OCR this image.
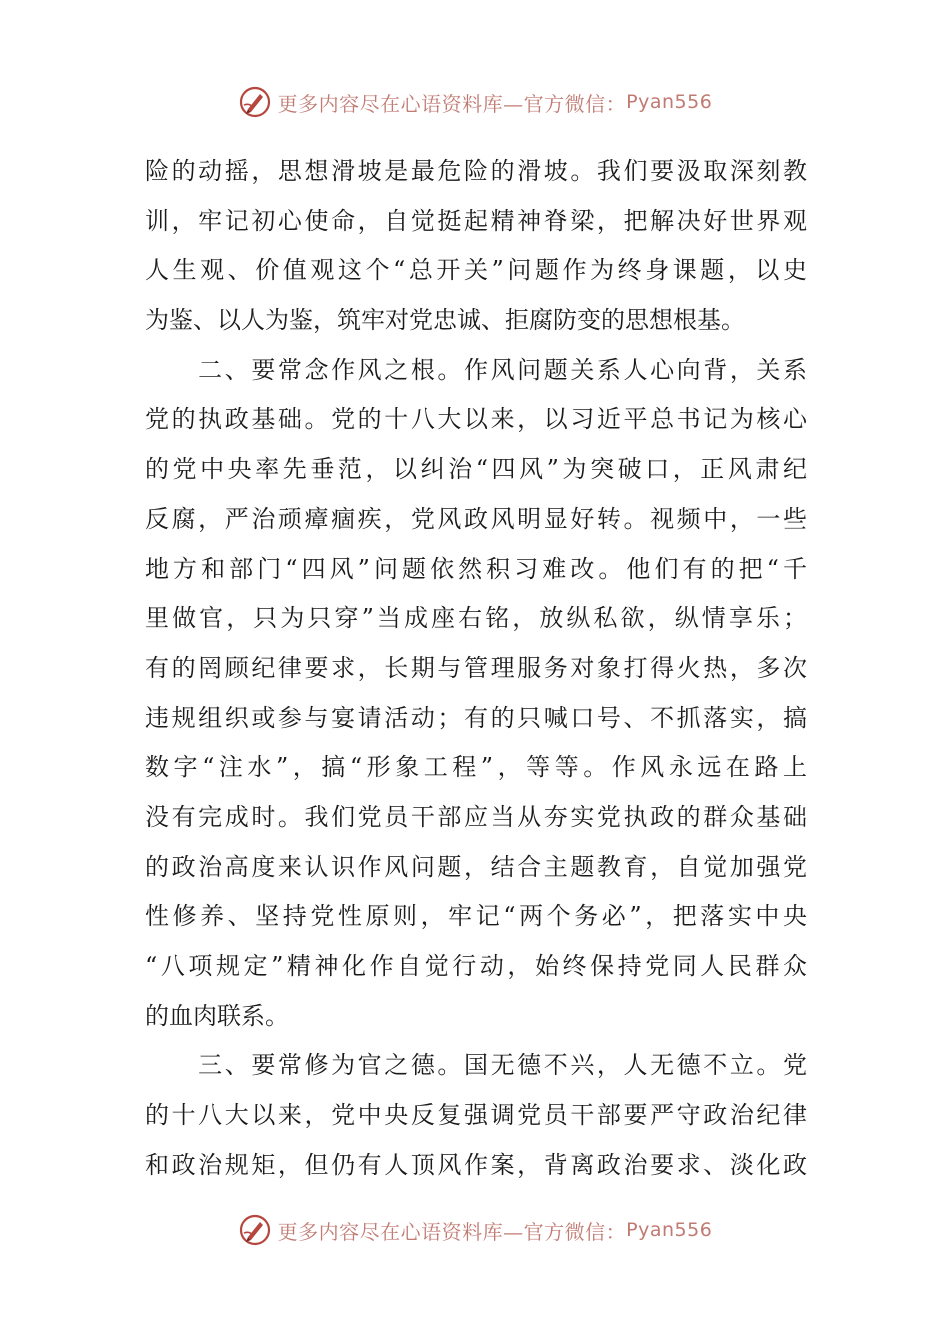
更多内容尽在心语资料库—官方微信： Pyan556
险的动摇，思想滑坡是最危险的滑坡。我们要汲取深刻教
训，牢记初心使命，自觉挺起精神脊梁，把解决好世界观
人生观、价值观这个“总开关”问题作为终身课题，以史
为鉴、以人为鉴，筑牢对党忠诚、拒腐防变的思想根基。
　　二、要常念作风之根。作风问题关系人心向背，关系
党的执政基础。党的十八大以来，以习近平总书记为核心
的党中央率先垂范，以纠治“四风”为突破口，正风肃纪
反腐，严治顽瘴痼疾，党风政风明显好转。视频中，一些
地方和部门“四风”问题依然积习难改。他们有的把“千
里做官，只为只穿”当成座右铭，放纵私欲，纵情享乐；
有的罔顾纪律要求，长期与管理服务对象打得火热，多次
违规组织或参与宴请活动；有的只喊口号、不抓落实，搞
数字“注水”，搞“形象工程”，等等。作风永远在路上
没有完成时。我们党员干部应当从夯实党执政的群众基础
的政治高度来认识作风问题，结合主题教育，自觉加强党
性修养、坚持党性原则，牢记“两个务必”，把落实中央
“八项规定”精神化作自觉行动，始终保持党同人民群众
的血肉联系。
　　三、要常修为官之德。国无德不兴，人无德不立。党
的十八大以来，党中央反复强调党员干部要严守政治纪律
和政治规矩，但仍有人顶风作案，背离政治要求、淡化政
更多内容尽在心语资料库—官方微信： Pyan556
